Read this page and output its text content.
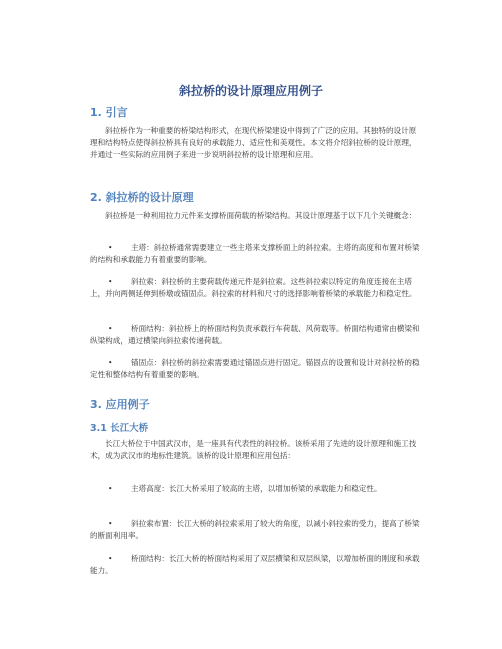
斜拉桥的设计原理应用例子
1. 引言

斜拉桥作为一种重要的桥梁结构形式，在现代桥梁建设中得到了广泛的应用。其独特的设计原理和结构特点使得斜拉桥具有良好的承载能力、适应性和美观性。本文将介绍斜拉桥的设计原理，并通过一些实际的应用例子来进一步说明斜拉桥的设计原理和应用。

2. 斜拉桥的设计原理

斜拉桥是一种利用拉力元件来支撑桥面荷载的桥梁结构。其设计原理基于以下几个关键概念：

•	主塔：斜拉桥通常需要建立一些主塔来支撑桥面上的斜拉索。主塔的高度和布置对桥梁的结构和承载能力有着重要的影响。
•	斜拉索：斜拉桥的主要荷载传递元件是斜拉索。这些斜拉索以特定的角度连接在主塔上，并向两侧延伸到桥墩或锚固点。斜拉索的材料和尺寸的选择影响着桥梁的承载能力和稳定性。
•	桥面结构：斜拉桥上的桥面结构负责承载行车荷载、风荷载等。桥面结构通常由横梁和纵梁构成，通过横梁向斜拉索传递荷载。
•	锚固点：斜拉桥的斜拉索需要通过锚固点进行固定。锚固点的设置和设计对斜拉桥的稳定性和整体结构有着重要的影响。
3. 应用例子
3.1 长江大桥

长江大桥位于中国武汉市，是一座具有代表性的斜拉桥。该桥采用了先进的设计原理和施工技术，成为武汉市的地标性建筑。该桥的设计原理和应用包括：

•	主塔高度：长江大桥采用了较高的主塔，以增加桥梁的承载能力和稳定性。
•	斜拉索布置：长江大桥的斜拉索采用了较大的角度，以减小斜拉索的受力，提高了桥梁的断面利用率。
•	桥面结构：长江大桥的桥面结构采用了双层横梁和双层纵梁，以增加桥面的刚度和承载能力。
